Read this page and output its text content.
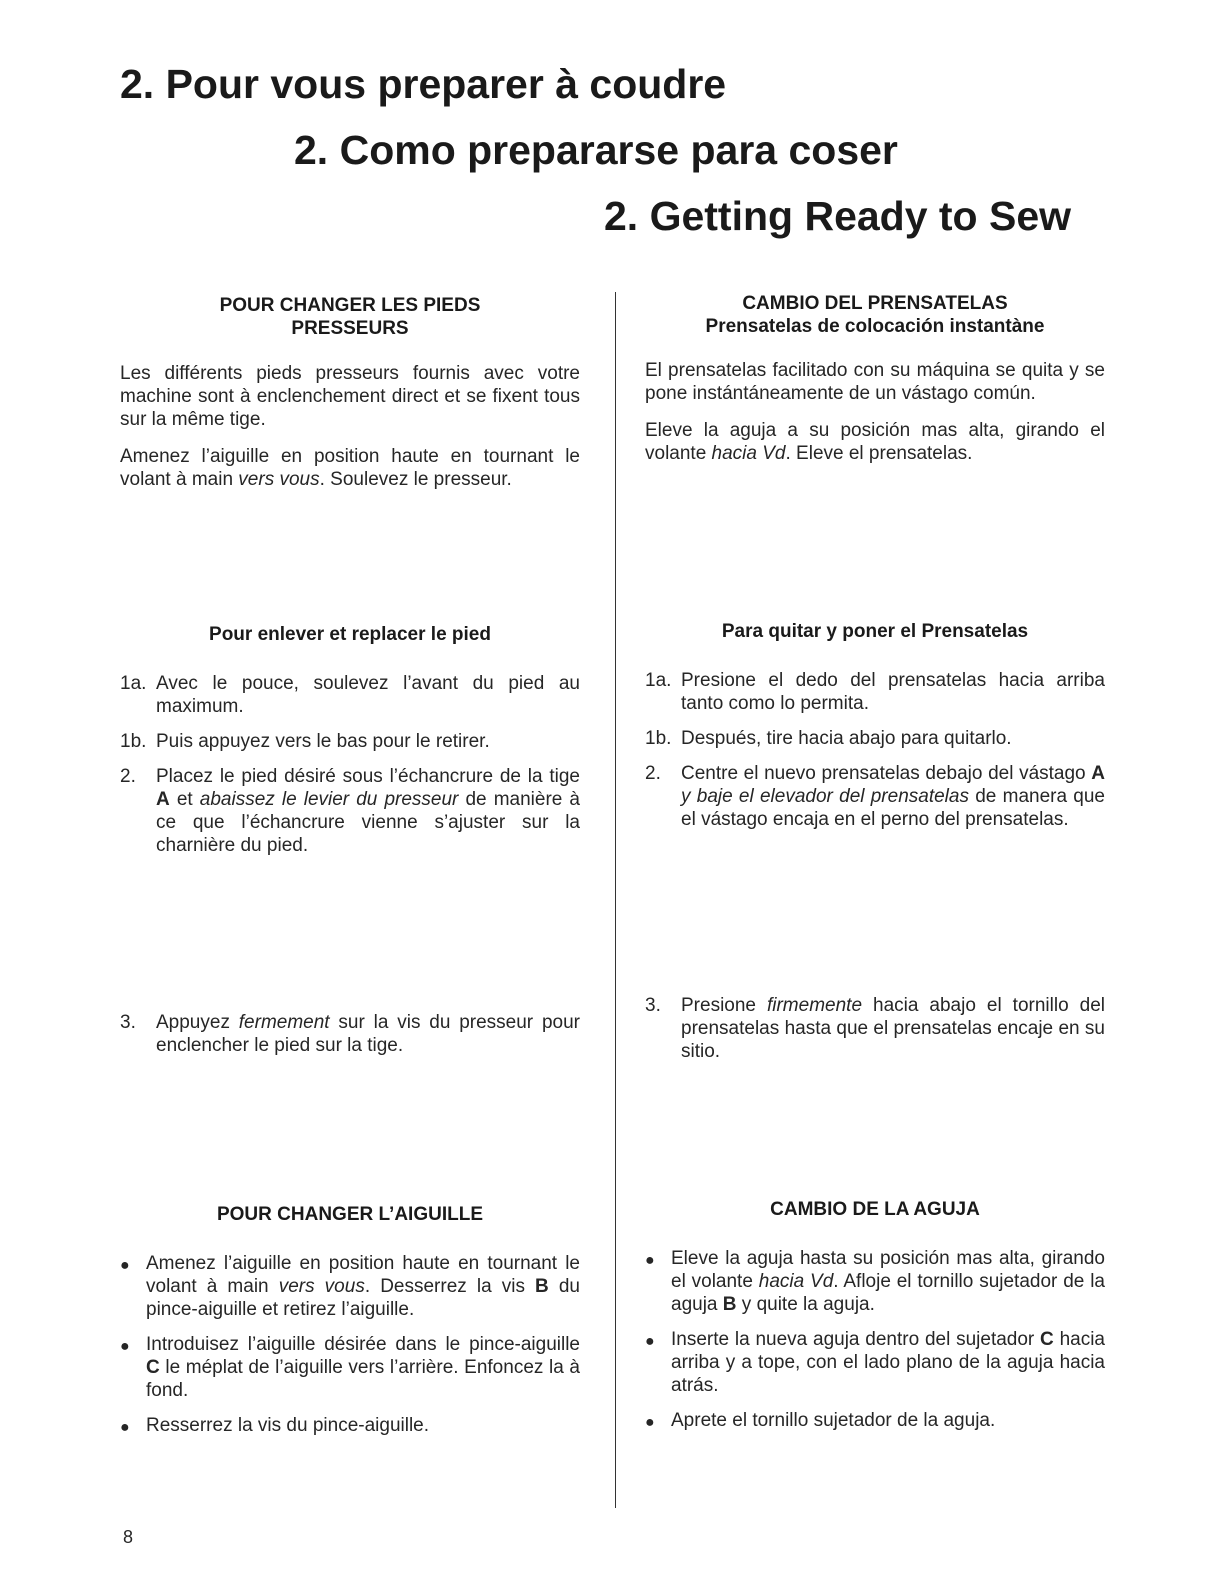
2. Pour vous preparer à coudre
2. Como prepararse para coser
2. Getting Ready to Sew
POUR CHANGER LES PIEDS
PRESSEURS

Les différents pieds presseurs fournis avec votre machine sont à enclenchement direct et se fixent tous sur la même tige.

Amenez l’aiguille en position haute en tournant le volant à main vers vous. Soulevez le presseur.

Pour enlever et replacer le pied
1a. Avec le pouce, soulevez l’avant du pied au maximum.
1b. Puis appuyez vers le bas pour le retirer.
2.	Placez le pied désiré sous l’échancrure de la tige A et abaissez le levier du presseur de manière à ce que l’échancrure vienne s’ajuster sur la charnière du pied.
3.	Appuyez fermement sur la vis du presseur pour enclencher le pied sur la tige.
POUR CHANGER L’AIGUILLE
● Amenez l’aiguille en position haute en tournant le volant à main vers vous. Desserrez la vis B du pince-aiguille et retirez l’aiguille.
● Introduisez l’aiguille désirée dans le pince-aiguille C le méplat de l’aiguille vers l’arrière. Enfoncez la à fond.
● Resserrez la vis du pince-aiguille.
CAMBIO DEL PRENSATELAS
Prensatelas de colocación instantàne

El prensatelas facilitado con su máquina se quita y se pone instántáneamente de un vástago común.

Eleve la aguja a su posición mas alta, girando el volante hacia Vd. Eleve el prensatelas.

Para quitar y poner el Prensatelas
1a. Presione el dedo del prensatelas hacia arriba tanto como lo permita.
1b. Después, tire hacia abajo para quitarlo.
2.	Centre el nuevo prensatelas debajo del vástago A y baje el elevador del prensatelas de manera que el vástago encaja en el perno del prensatelas.
3.	Presione firmemente hacia abajo el tornillo del prensatelas hasta que el prensatelas encaje en su sitio.
CAMBIO DE LA AGUJA
● Eleve la aguja hasta su posición mas alta, girando el volante hacia Vd. Afloje el tornillo sujetador de la aguja B y quite la aguja.
● Inserte la nueva aguja dentro del sujetador C hacia arriba y a tope, con el lado plano de la aguja hacia atrás.
● Aprete el tornillo sujetador de la aguja.
8
